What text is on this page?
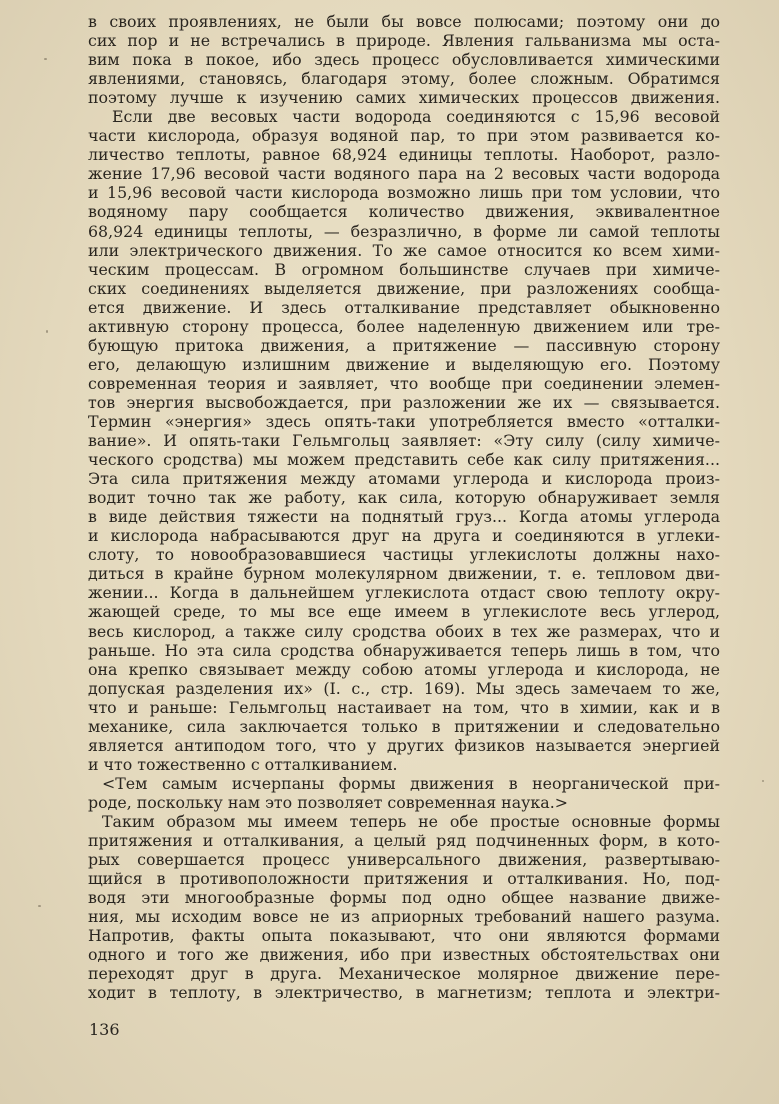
в своих проявлениях, не были бы вовсе полюсами; поэтому они до
сих пор и не встречались в природе. Явления гальванизма мы оста-
вим пока в покое, ибо здесь процесс обусловливается химическими
явлениями, становясь, благодаря этому, более сложным. Обратимся
поэтому лучше к изучению самих химических процессов движения.
Если две весовых части водорода соединяются с 15,96 весовой
части кислорода, образуя водяной пар, то при этом развивается ко-
личество теплоты, равное 68,924 единицы теплоты. Наоборот, разло-
жение 17,96 весовой части водяного пара на 2 весовых части водорода
и 15,96 весовой части кислорода возможно лишь при том условии, что
водяному пару сообщается количество движения, эквивалентное
68,924 единицы теплоты, — безразлично, в форме ли самой теплоты
или электрического движения. То же самое относится ко всем хими-
ческим процессам. В огромном большинстве случаев при химиче-
ских соединениях выделяется движение, при разложениях сообща-
ется движение. И здесь отталкивание представляет обыкновенно
активную сторону процесса, более наделенную движением или тре-
бующую притока движения, а притяжение — пассивную сторону
его, делающую излишним движение и выделяющую его. Поэтому
современная теория и заявляет, что вообще при соединении элемен-
тов энергия высвобождается, при разложении же их — связывается.
Термин «энергия» здесь опять-таки употребляется вместо «отталки-
вание». И опять-таки Гельмгольц заявляет: «Эту силу (силу химиче-
ческого сродства) мы можем представить себе как силу притяжения...
Эта сила притяжения между атомами углерода и кислорода произ-
водит точно так же работу, как сила, которую обнаруживает земля
в виде действия тяжести на поднятый груз... Когда атомы углерода
и кислорода набрасываются друг на друга и соединяются в углеки-
слоту, то новообразовавшиеся частицы углекислоты должны нахо-
диться в крайне бурном молекулярном движении, т. е. тепловом дви-
жении... Когда в дальнейшем углекислота отдаст свою теплоту окру-
жающей среде, то мы все еще имеем в углекислоте весь углерод,
весь кислород, а также силу сродства обоих в тех же размерах, что и
раньше. Но эта сила сродства обнаруживается теперь лишь в том, что
она крепко связывает между собою атомы углерода и кислорода, не
допуская разделения их» (I. с., стр. 169). Мы здесь замечаем то же,
что и раньше: Гельмгольц настаивает на том, что в химии, как и в
механике, сила заключается только в притяжении и следовательно
является антиподом того, что у других физиков называется энергией
и что тожественно с отталкиванием.
<Тем самым исчерпаны формы движения в неорганической при-
роде, поскольку нам это позволяет современная наука.>
Таким образом мы имеем теперь не обе простые основные формы
притяжения и отталкивания, а целый ряд подчиненных форм, в кото-
рых совершается процесс универсального движения, развертываю-
щийся в противоположности притяжения и отталкивания. Но, под-
водя эти многообразные формы под одно общее название движе-
ния, мы исходим вовсе не из априорных требований нашего разума.
Напротив, факты опыта показывают, что они являются формами
одного и того же движения, ибо при известных обстоятельствах они
переходят друг в друга. Механическое молярное движение пере-
ходит в теплоту, в электричество, в магнетизм; теплота и электри-
136
